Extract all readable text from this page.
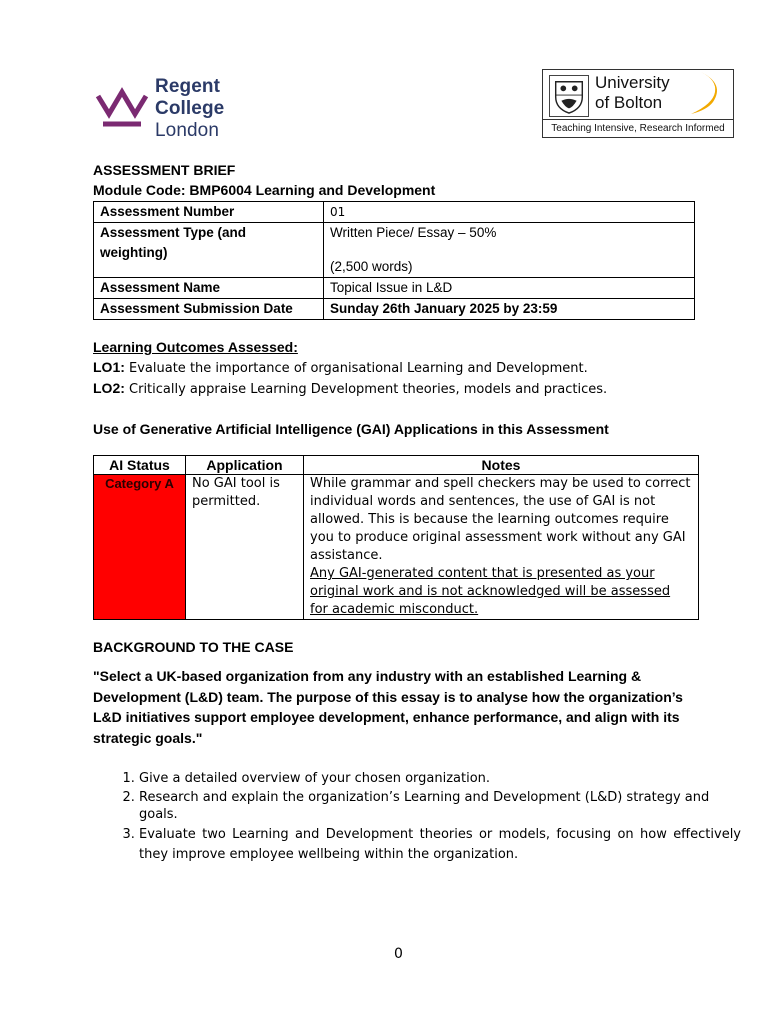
Regent
College
London
University
of Bolton
Teaching Intensive, Research Informed
ASSESSMENT BRIEF
Module Code: BMP6004 Learning and Development
Assessment Number	01
Assessment Type (and weighting)	Written Piece/ Essay – 50%
(2,500 words)

Assessment Name	Topical Issue in L&D
Assessment Submission Date	Sunday 26th January 2025 by 23:59
Learning Outcomes Assessed:
LO1: Evaluate the importance of organisational Learning and Development.
LO2: Critically appraise Learning Development theories, models and practices.
Use of Generative Artificial Intelligence (GAI) Applications in this Assessment
AI Status	Application	Notes
Category A	No GAI tool is permitted.	While grammar and spell checkers may be used to correct individual words and sentences, the use of GAI is not allowed. This is because the learning outcomes require you to produce original assessment work without any GAI assistance.
Any GAI-generated content that is presented as your original work and is not acknowledged will be assessed for academic misconduct.
BACKGROUND TO THE CASE
"Select a UK-based organization from any industry with an established Learning & Development (L&D) team. The purpose of this essay is to analyse how the organization’s L&D initiatives support employee development, enhance performance, and align with its strategic goals."
1. Give a detailed overview of your chosen organization.
2. Research and explain the organization’s Learning and Development (L&D) strategy and goals.
3. Evaluate two Learning and Development theories or models, focusing on how effectively they improve employee wellbeing within the organization.
0
